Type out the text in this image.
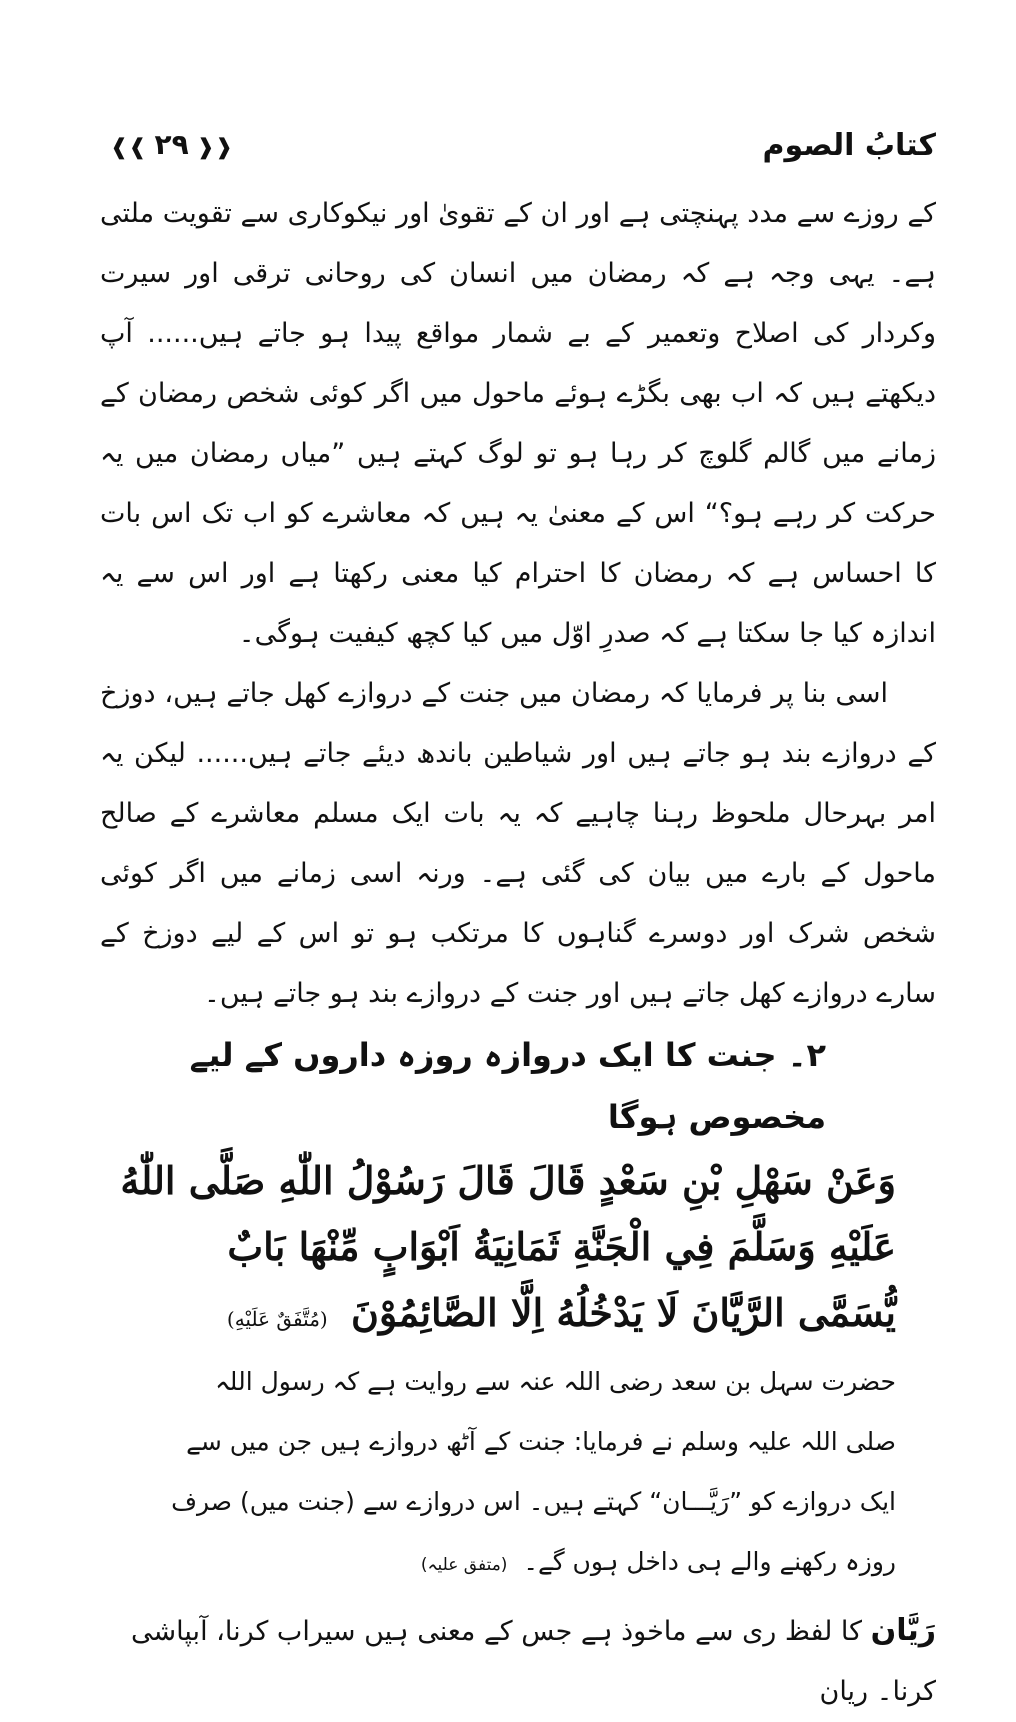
کتابُ الصوم
❰❰ ۲۹ ❱❱

کے روزے سے مدد پہنچتی ہے اور ان کے تقویٰ اور نیکوکاری سے تقویت ملتی ہے۔ یہی وجہ ہے کہ رمضان میں انسان کی روحانی ترقی اور سیرت وکردار کی اصلاح وتعمیر کے بے شمار مواقع پیدا ہو جاتے ہیں...... آپ دیکھتے ہیں کہ اب بھی بگڑے ہوئے ماحول میں اگر کوئی شخص رمضان کے زمانے میں گالم گلوچ کر رہا ہو تو لوگ کہتے ہیں ”میاں رمضان میں یہ حرکت کر رہے ہو؟“ اس کے معنیٰ یہ ہیں کہ معاشرے کو اب تک اس بات کا احساس ہے کہ رمضان کا احترام کیا معنی رکھتا ہے اور اس سے یہ اندازہ کیا جا سکتا ہے کہ صدرِ اوّل میں کیا کچھ کیفیت ہوگی۔

اسی بنا پر فرمایا کہ رمضان میں جنت کے دروازے کھل جاتے ہیں، دوزخ کے دروازے بند ہو جاتے ہیں اور شیاطین باندھ دیئے جاتے ہیں...... لیکن یہ امر بہرحال ملحوظ رہنا چاہیے کہ یہ بات ایک مسلم معاشرے کے صالح ماحول کے بارے میں بیان کی گئی ہے۔ ورنہ اسی زمانے میں اگر کوئی شخص شرک اور دوسرے گناہوں کا مرتکب ہو تو اس کے لیے دوزخ کے سارے دروازے کھل جاتے ہیں اور جنت کے دروازے بند ہو جاتے ہیں۔

۲۔ جنت کا ایک دروازہ روزہ داروں کے لیے مخصوص ہوگا

وَعَنْ سَهْلِ بْنِ سَعْدٍ قَالَ قَالَ رَسُوْلُ اللّٰهِ صَلَّى اللّٰهُ
عَلَيْهِ وَسَلَّمَ فِي الْجَنَّةِ ثَمَانِيَةُ اَبْوَابٍ مِّنْهَا بَابٌ
يُّسَمَّى الرَّيَّانَ لَا يَدْخُلُهُ اِلَّا الصَّائِمُوْنَ (مُتَّفَقٌ عَلَيْهِ)

حضرت سہل بن سعد رضی اللہ عنہ سے روایت ہے کہ رسول اللہ صلی اللہ علیہ وسلم نے فرمایا: جنت کے آٹھ دروازے ہیں جن میں سے ایک دروازے کو ”رَیَّـــان“ کہتے ہیں۔ اس دروازے سے (جنت میں) صرف روزہ رکھنے والے ہی داخل ہوں گے۔ (متفق علیہ)

رَیَّان کا لفظ ری سے ماخوذ ہے جس کے معنی ہیں سیراب کرنا، آبپاشی کرنا۔ ریان
